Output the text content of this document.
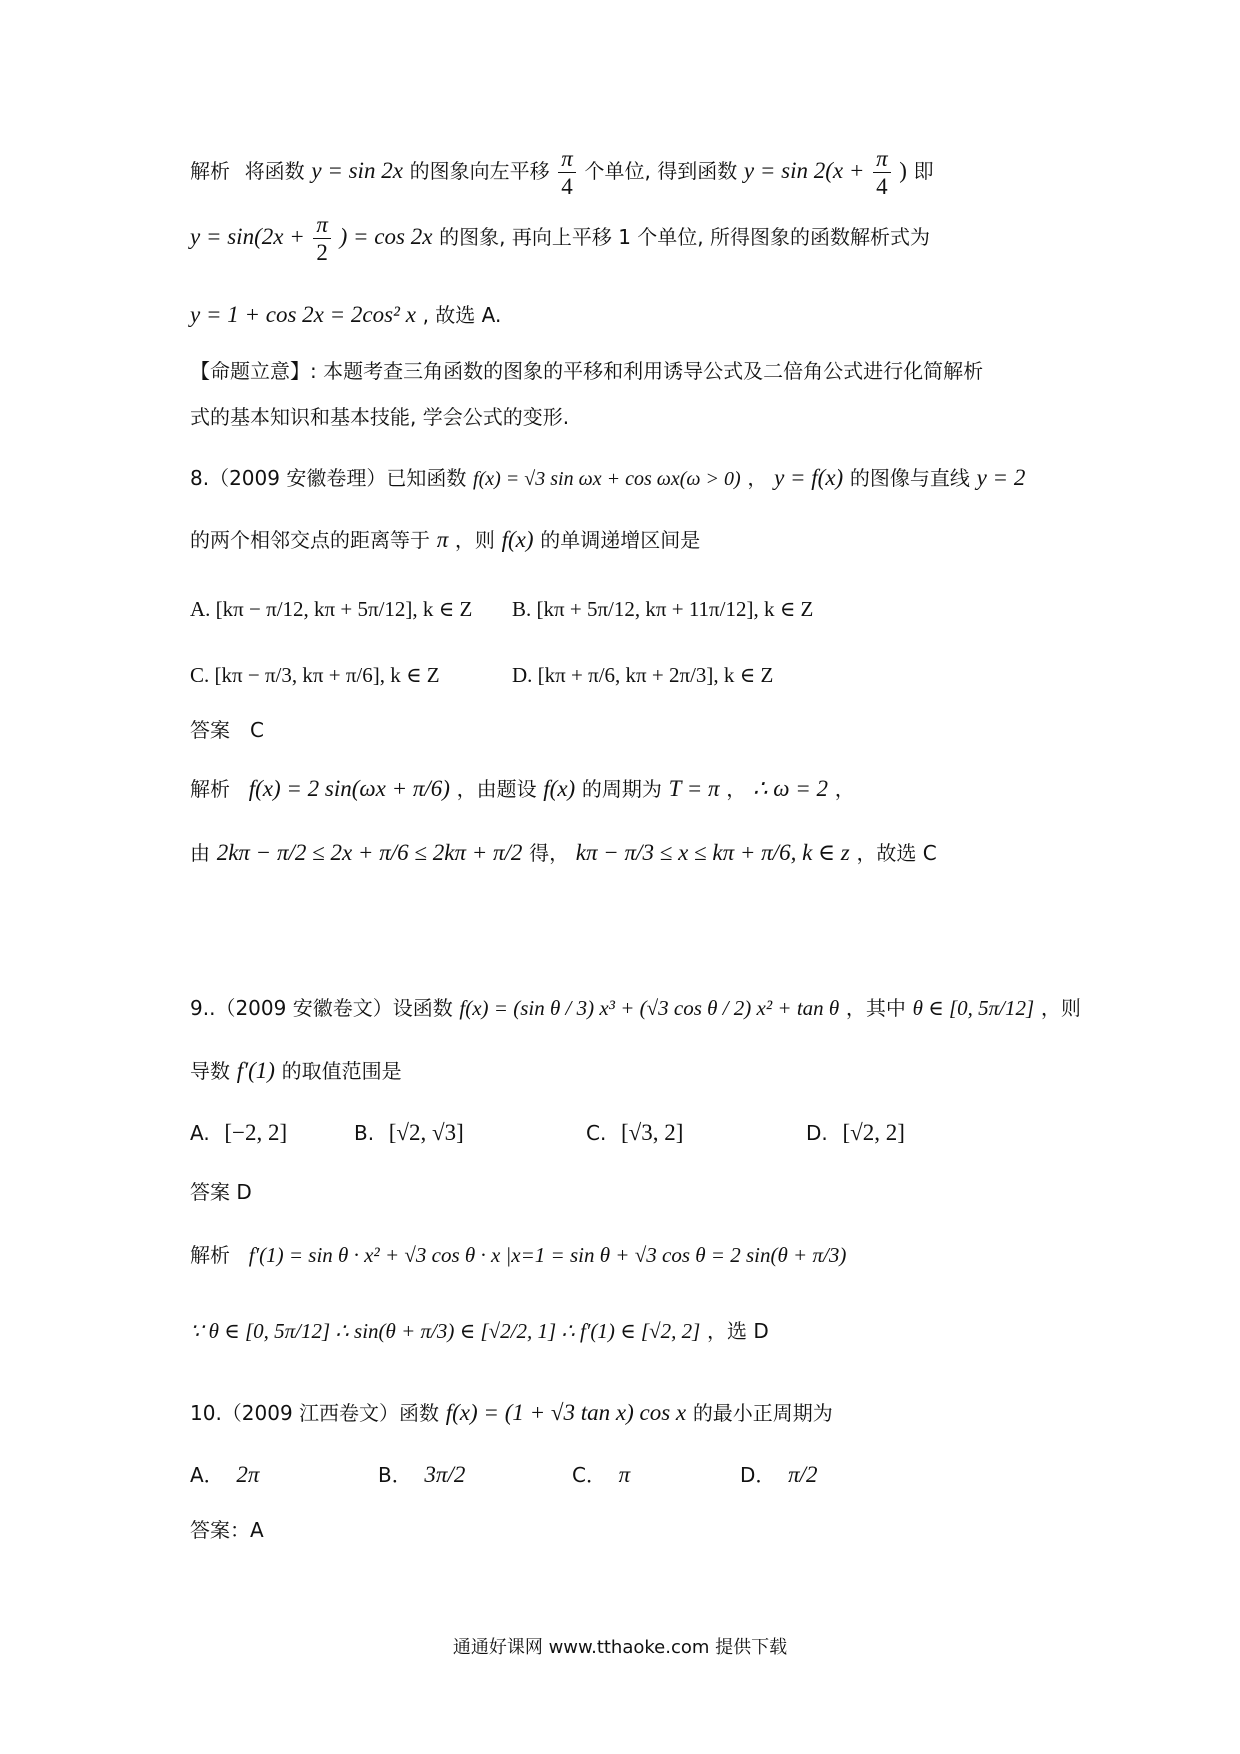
解析 将函数 y = sin 2x 的图象向左平移 $\frac{\pi}{4}$ 个单位, 得到函数 $y = \sin 2(x + \frac{\pi}{4}$ ) 即
$y = \sin(2x + \frac{\pi}{2}$ ) = cos 2x 的图象, 再向上平移 1 个单位, 所得图象的函数解析式为
y = 1 + cos 2x = 2cos² x , 故选 A.
【命题立意】: 本题考查三角函数的图象的平移和利用诱导公式及二倍角公式进行化简解析
式的基本知识和基本技能, 学会公式的变形.
8.（2009 安徽卷理）已知函数 f(x) = √3 sin ωx + cos ωx(ω > 0) ， y = f(x) 的图像与直线 y = 2
的两个相邻交点的距离等于 π ，则 f(x) 的单调递增区间是
A. [kπ − π/12, kπ + 5π/12], k ∈ Z B. [kπ + 5π/12, kπ + 11π/12], k ∈ Z
C. [kπ − π/3, kπ + π/6], k ∈ Z	D. [kπ + π/6, kπ + 2π/3], k ∈ Z
答案　C
解析 f(x) = 2 sin(ωx + π/6) ，由题设 f(x) 的周期为 T = π ， ∴ ω = 2 ，
由 2kπ − π/2 ≤ 2x + π/6 ≤ 2kπ + π/2 得， kπ − π/3 ≤ x ≤ kπ + π/6, k ∈ z ，故选 C
9..（2009 安徽卷文）设函数 f(x) = (sin θ / 3) x³ + (√3 cos θ / 2) x² + tan θ ，其中 θ ∈ [0, 5π/12] ，则
导数 f′(1) 的取值范围是
A. [−2, 2]	B. [√2, √3]	C. [√3, 2]	D. [√2, 2]
答案 D
解析 f′(1) = sin θ · x² + √3 cos θ · x |x=1 = sin θ + √3 cos θ = 2 sin(θ + π/3)
∵ θ ∈ [0, 5π/12] ∴ sin(θ + π/3) ∈ [√2/2, 1] ∴ f′(1) ∈ [√2, 2] ，选 D
10.（2009 江西卷文）函数 f(x) = (1 + √3 tan x) cos x 的最小正周期为
A． 2π	B． 3π/2	C． π	D． π/2
答案：A
通通好课网 www.tthaoke.com 提供下载
